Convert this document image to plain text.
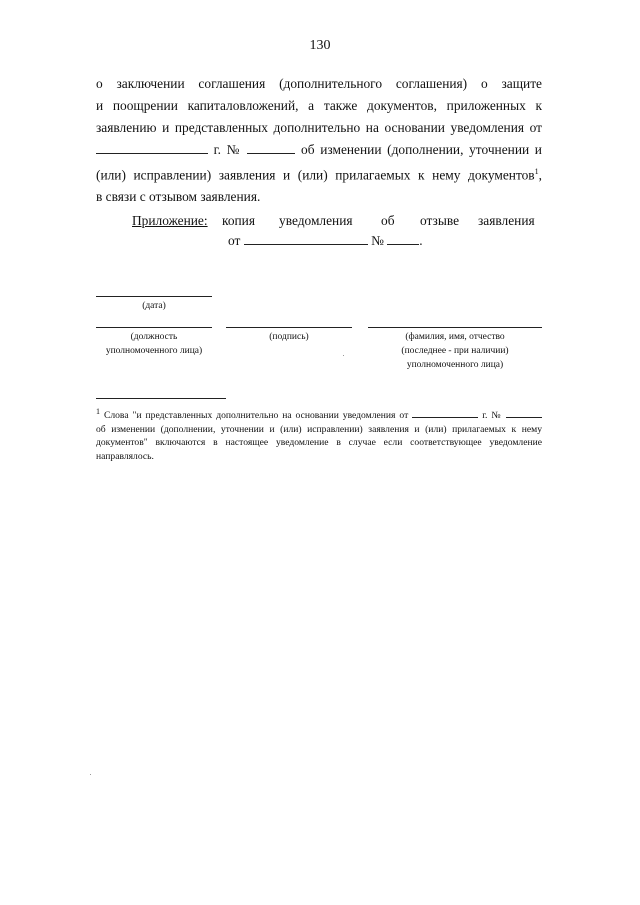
130
о заключении соглашения (дополнительного соглашения) о защите
и поощрении капиталовложений, а также документов, приложенных к
заявлению и представленных дополнительно на основании уведомления от
г. №	об изменении (дополнении, уточнении и
(или) исправлении) заявления и (или) прилагаемых к нему документов$^1$,
в связи с отзывом заявления.
Приложение: копия уведомления об отзыве заявления
от	№	.
(дата)
(должность
уполномоченного лица)
(подпись)	(фамилия, имя, отчество
(последнее - при наличии)
уполномоченного лица)
$^1$ Слова "и представленных дополнительно на основании уведомления от	г. №
об изменении (дополнении, уточнении и (или) исправлении) заявления и (или) прилагаемых к нему
документов" включаются в настоящее уведомление в случае если соответствующее уведомление
направлялось.
